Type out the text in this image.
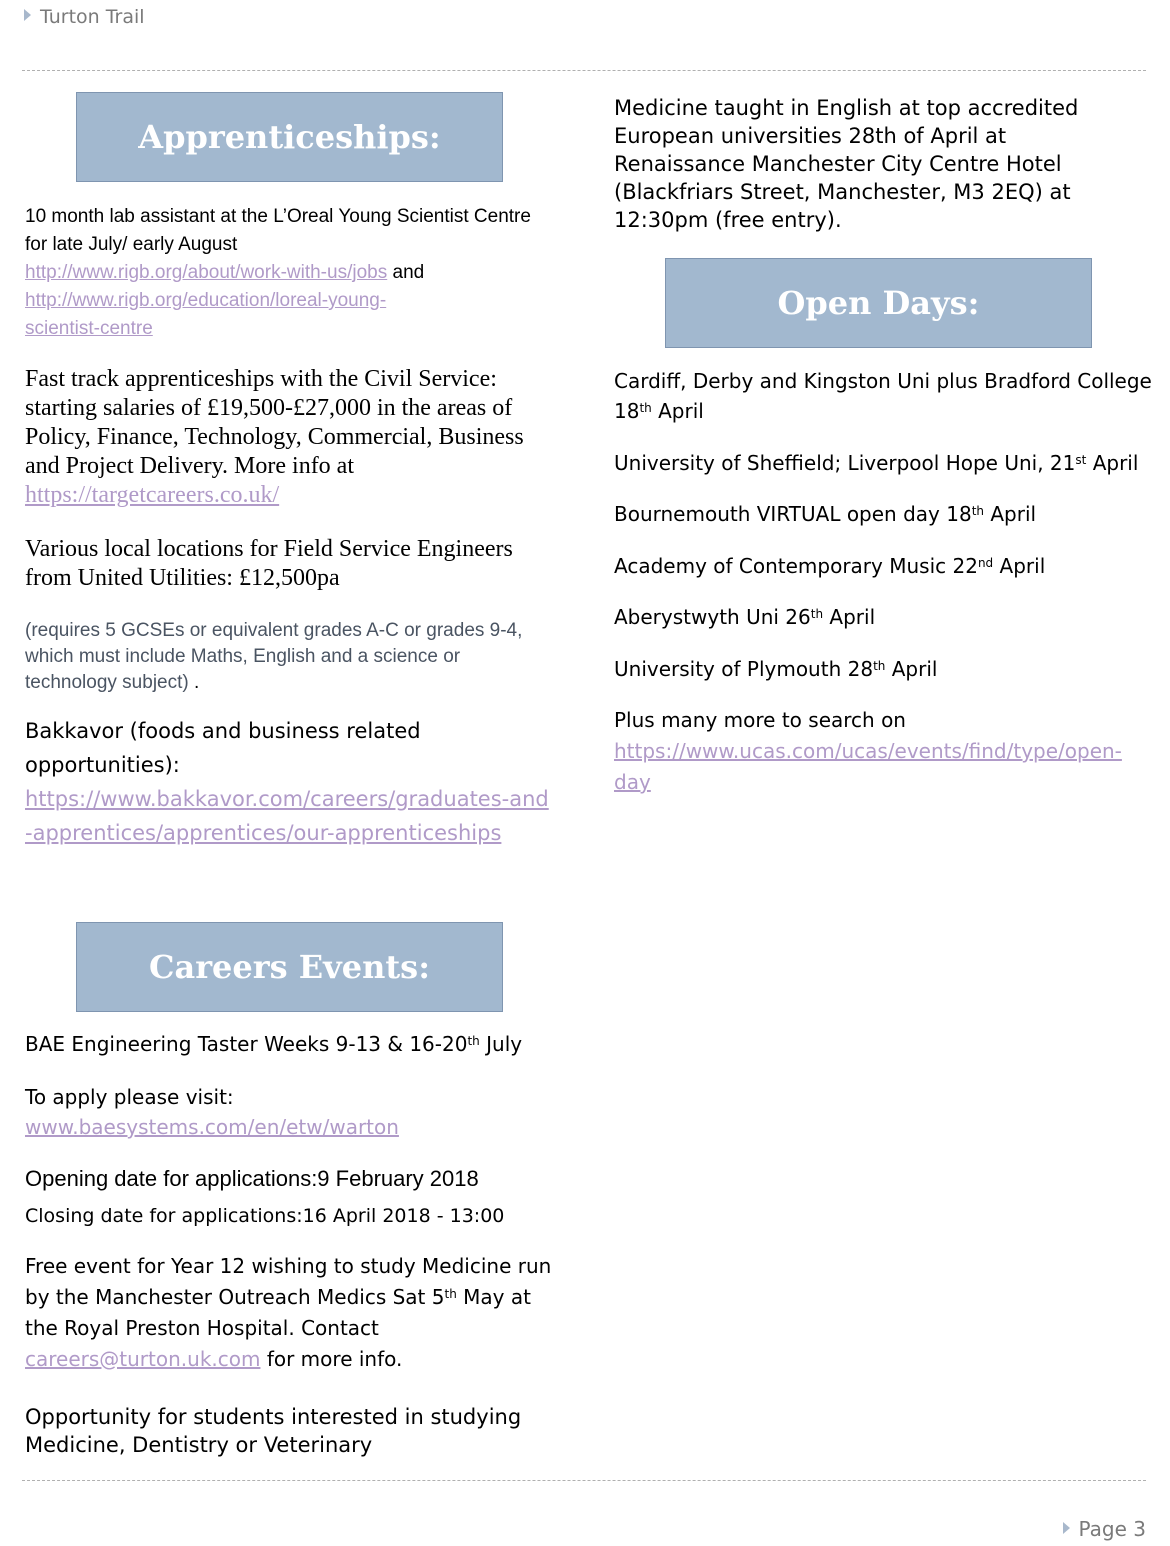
Turton Trail
Apprenticeships:

10 month lab assistant at the L’Oreal Young Scientist Centre for late July/ early August
http://www.rigb.org/about/work-with-us/jobs and
http://www.rigb.org/education/loreal-young-scientist-centre

Fast track apprenticeships with the Civil Service: starting salaries of £19,500-£27,000 in the areas of Policy, Finance, Technology, Commercial, Business and Project Delivery. More info at
https://targetcareers.co.uk/

Various local locations for Field Service Engineers from United Utilities: £12,500pa

(requires 5 GCSEs or equivalent grades A-C or grades 9-4, which must include Maths, English and a science or technology subject) .

Bakkavor (foods and business related opportunities):
https://www.bakkavor.com/careers/graduates-and-apprentices/apprentices/our-apprenticeships

Careers Events:

BAE Engineering Taster Weeks 9-13 & 16-20th July

To apply please visit:
www.baesystems.com/en/etw/warton

Opening date for applications:9 February 2018

Closing date for applications:16 April 2018 - 13:00

Free event for Year 12 wishing to study Medicine run by the Manchester Outreach Medics Sat 5th May at the Royal Preston Hospital. Contact
careers@turton.uk.com for more info.

Opportunity for students interested in studying Medicine, Dentistry or Veterinary

Medicine taught in English at top accredited European universities 28th of April at Renaissance Manchester City Centre Hotel (Blackfriars Street, Manchester, M3 2EQ) at 12:30pm (free entry).

Open Days:

Cardiff, Derby and Kingston Uni plus Bradford College 18th April

University of Sheffield; Liverpool Hope Uni, 21st April

Bournemouth VIRTUAL open day 18th April

Academy of Contemporary Music 22nd April

Aberystwyth Uni 26th April

University of Plymouth 28th April

Plus many more to search on
https://www.ucas.com/ucas/events/find/type/open-day

Page 3
